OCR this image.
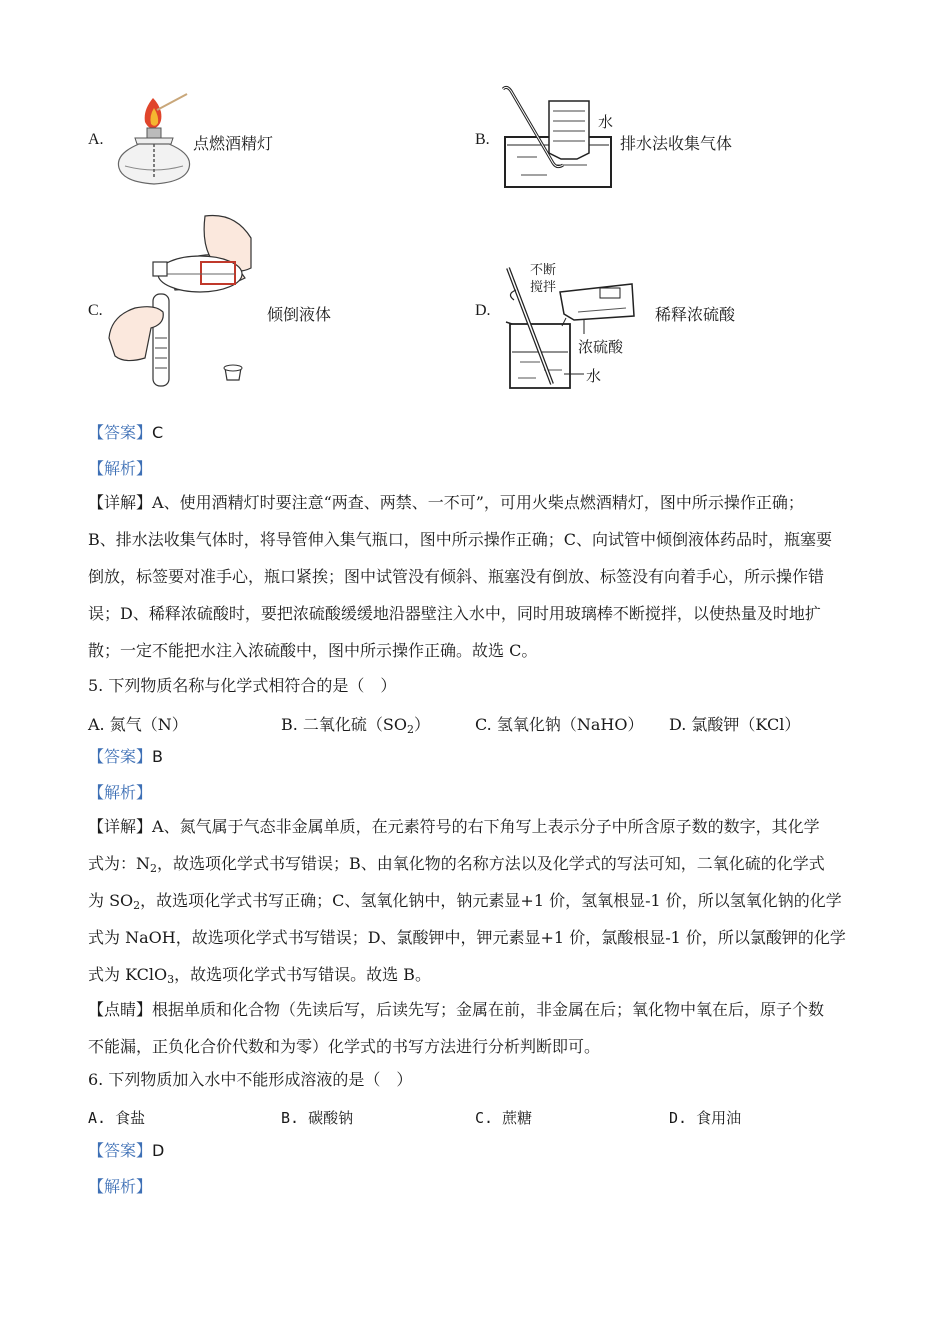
A.	点燃酒精灯	B.	排水法收集气体
水
C.	倾倒液体	D.	稀释浓硫酸
不断
搅拌
浓硫酸
水
【答案】C
【解析】
【详解】A、使用酒精灯时要注意“两查、两禁、一不可”，可用火柴点燃酒精灯，图中所示操作正确；
B、排水法收集气体时，将导管伸入集气瓶口，图中所示操作正确；C、向试管中倾倒液体药品时，瓶塞要
倒放，标签要对准手心，瓶口紧挨；图中试管没有倾斜、瓶塞没有倒放、标签没有向着手心，所示操作错
误；D、稀释浓硫酸时，要把浓硫酸缓缓地沿器壁注入水中，同时用玻璃棒不断搅拌，以使热量及时地扩
散；一定不能把水注入浓硫酸中，图中所示操作正确。故选 C。
5. 下列物质名称与化学式相符合的是（　）
A. 氮气（N）	B. 二氧化硫$(SO_2)$	C. 氢氧化钠（NaHO） D. 氯酸钾（KCl）
【答案】B
【解析】
【详解】A、氮气属于气态非金属单质，在元素符号的右下角写上表示分子中所含原子数的数字，其化学
式为：$N_2$，故选项化学式书写错误；B、由氧化物的名称方法以及化学式的写法可知，二氧化硫的化学式
为 $SO_2$，故选项化学式书写正确；C、氢氧化钠中，钠元素显+1 价，氢氧根显-1 价，所以氢氧化钠的化学
式为 NaOH，故选项化学式书写错误；D、氯酸钾中，钾元素显+1 价，氯酸根显-1 价，所以氯酸钾的化学
式为 KClO$_3$，故选项化学式书写错误。故选 B。
【点睛】根据单质和化合物（先读后写，后读先写；金属在前，非金属在后；氧化物中氧在后，原子个数
不能漏，正负化合价代数和为零）化学式的书写方法进行分析判断即可。
6. 下列物质加入水中不能形成溶液的是（　）
A. 食盐	B. 碳酸钠	C. 蔗糖	D. 食用油
【答案】D
【解析】
